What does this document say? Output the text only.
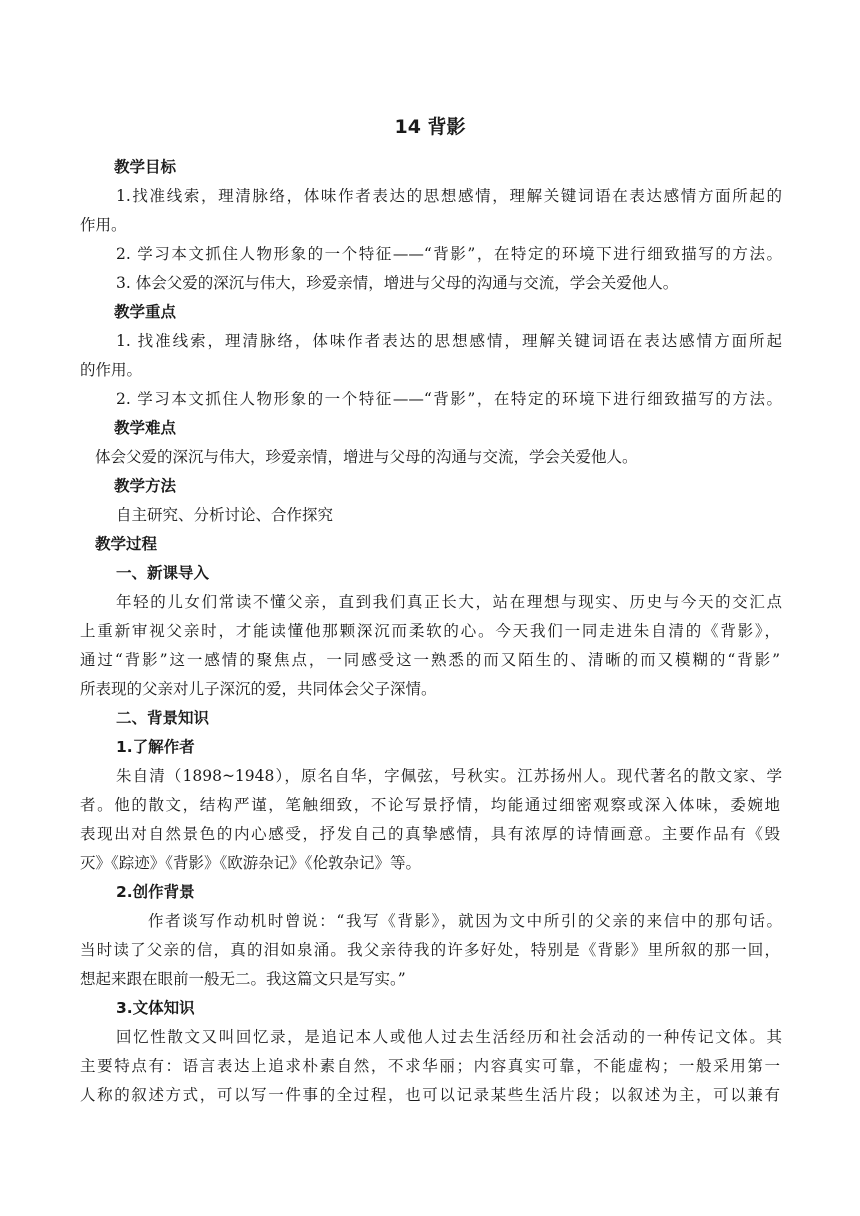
14 背影
教学目标
1.找准线索，理清脉络，体味作者表达的思想感情，理解关键词语在表达感情方面所起的
作用。
2. 学习本文抓住人物形象的一个特征——“背影”，在特定的环境下进行细致描写的方法。
3. 体会父爱的深沉与伟大，珍爱亲情，增进与父母的沟通与交流，学会关爱他人。
教学重点
1. 找准线索，理清脉络，体味作者表达的思想感情，理解关键词语在表达感情方面所起
的作用。
2. 学习本文抓住人物形象的一个特征——“背影”，在特定的环境下进行细致描写的方法。
教学难点
体会父爱的深沉与伟大，珍爱亲情，增进与父母的沟通与交流，学会关爱他人。
教学方法
自主研究、分析讨论、合作探究
教学过程
一、新课导入
年轻的儿女们常读不懂父亲，直到我们真正长大，站在理想与现实、历史与今天的交汇点
上重新审视父亲时，才能读懂他那颗深沉而柔软的心。今天我们一同走进朱自清的《背影》，
通过“背影”这一感情的聚焦点，一同感受这一熟悉的而又陌生的、清晰的而又模糊的“背影”
所表现的父亲对儿子深沉的爱，共同体会父子深情。
二、背景知识
1.了解作者
朱自清（1898~1948），原名自华，字佩弦，号秋实。江苏扬州人。现代著名的散文家、学
者。他的散文，结构严谨，笔触细致，不论写景抒情，均能通过细密观察或深入体味，委婉地
表现出对自然景色的内心感受，抒发自己的真挚感情，具有浓厚的诗情画意。主要作品有《毁
灭》《踪迹》《背影》《欧游杂记》《伦敦杂记》等。
2.创作背景
作者谈写作动机时曾说：“我写《背影》，就因为文中所引的父亲的来信中的那句话。
当时读了父亲的信，真的泪如泉涌。我父亲待我的许多好处，特别是《背影》里所叙的那一回，
想起来跟在眼前一般无二。我这篇文只是写实。”
3.文体知识
回忆性散文又叫回忆录，是追记本人或他人过去生活经历和社会活动的一种传记文体。其
主要特点有：语言表达上追求朴素自然，不求华丽；内容真实可靠，不能虚构；一般采用第一
人称的叙述方式，可以写一件事的全过程，也可以记录某些生活片段；以叙述为主，可以兼有
